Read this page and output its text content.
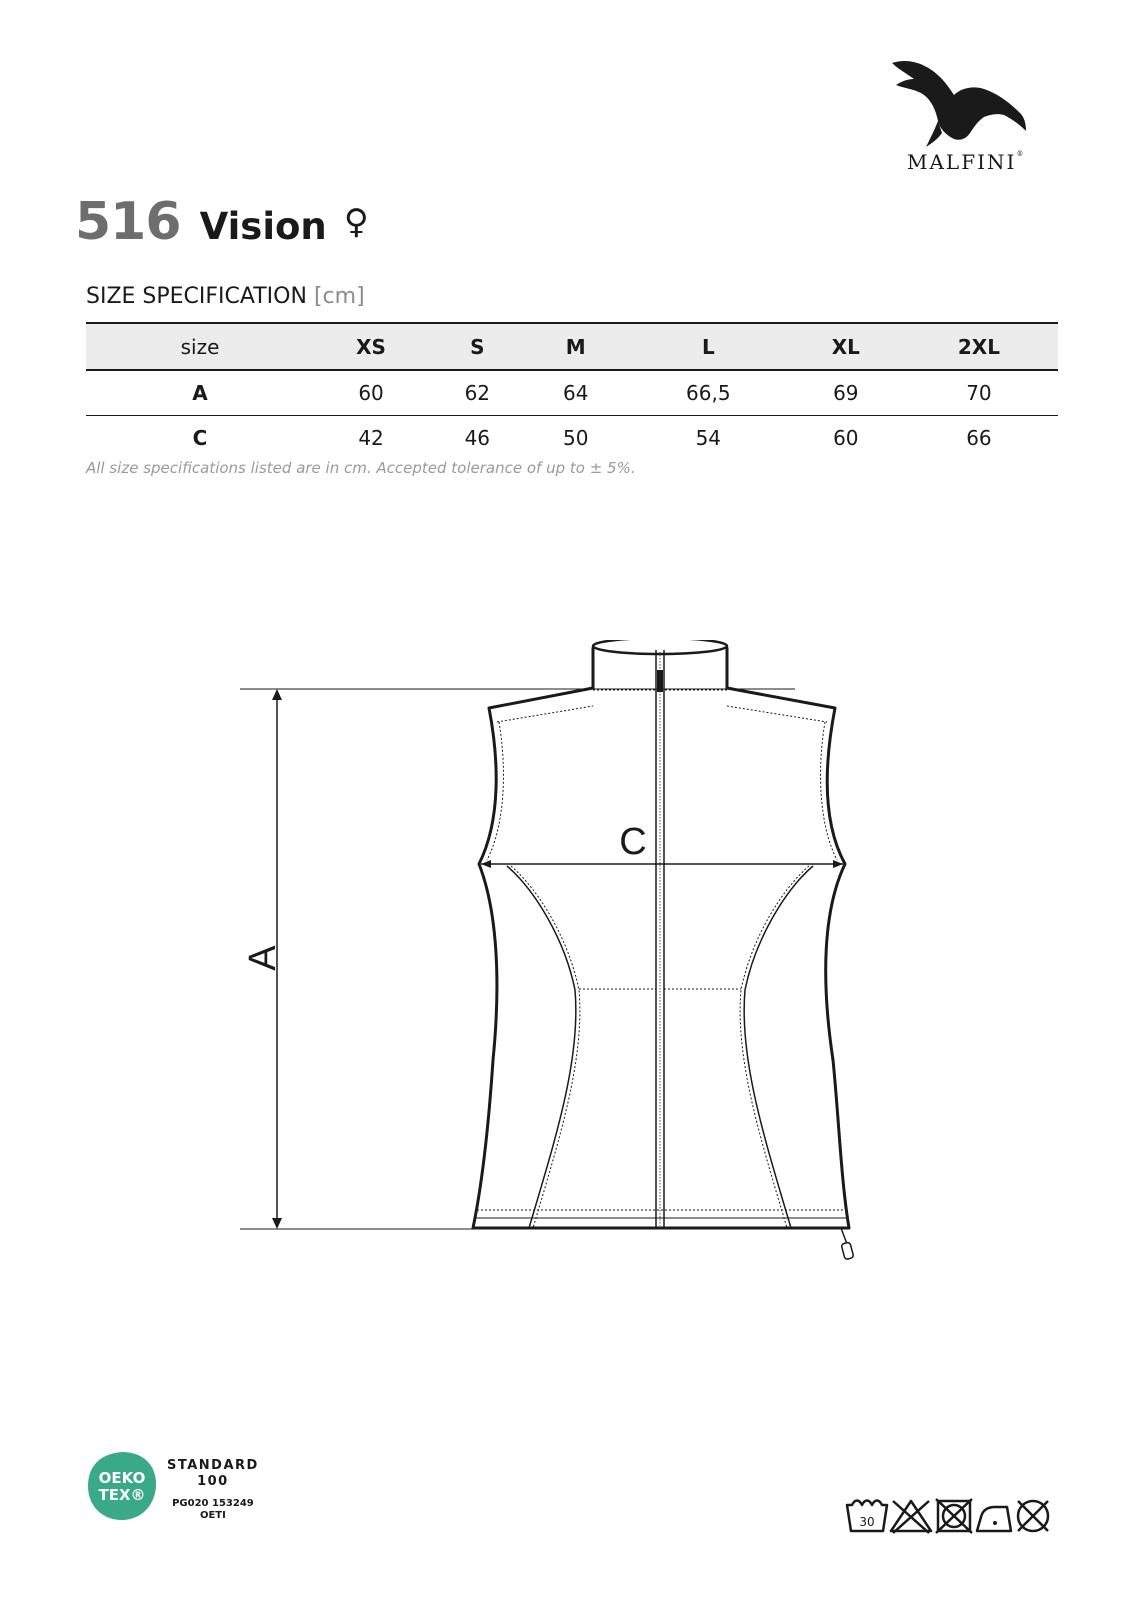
MALFINI®
516 Vision ♀
SIZE SPECIFICATION [cm]
size	XS	S	M	L	XL	2XL
A	60	62	64	66,5	69	70
C	42	46	50	54	60	66
All size specifications listed are in cm. Accepted tolerance of up to ± 5%.
A
C
OEKO
TEX®
STANDARD
100
PG020 153249
OETI	30
